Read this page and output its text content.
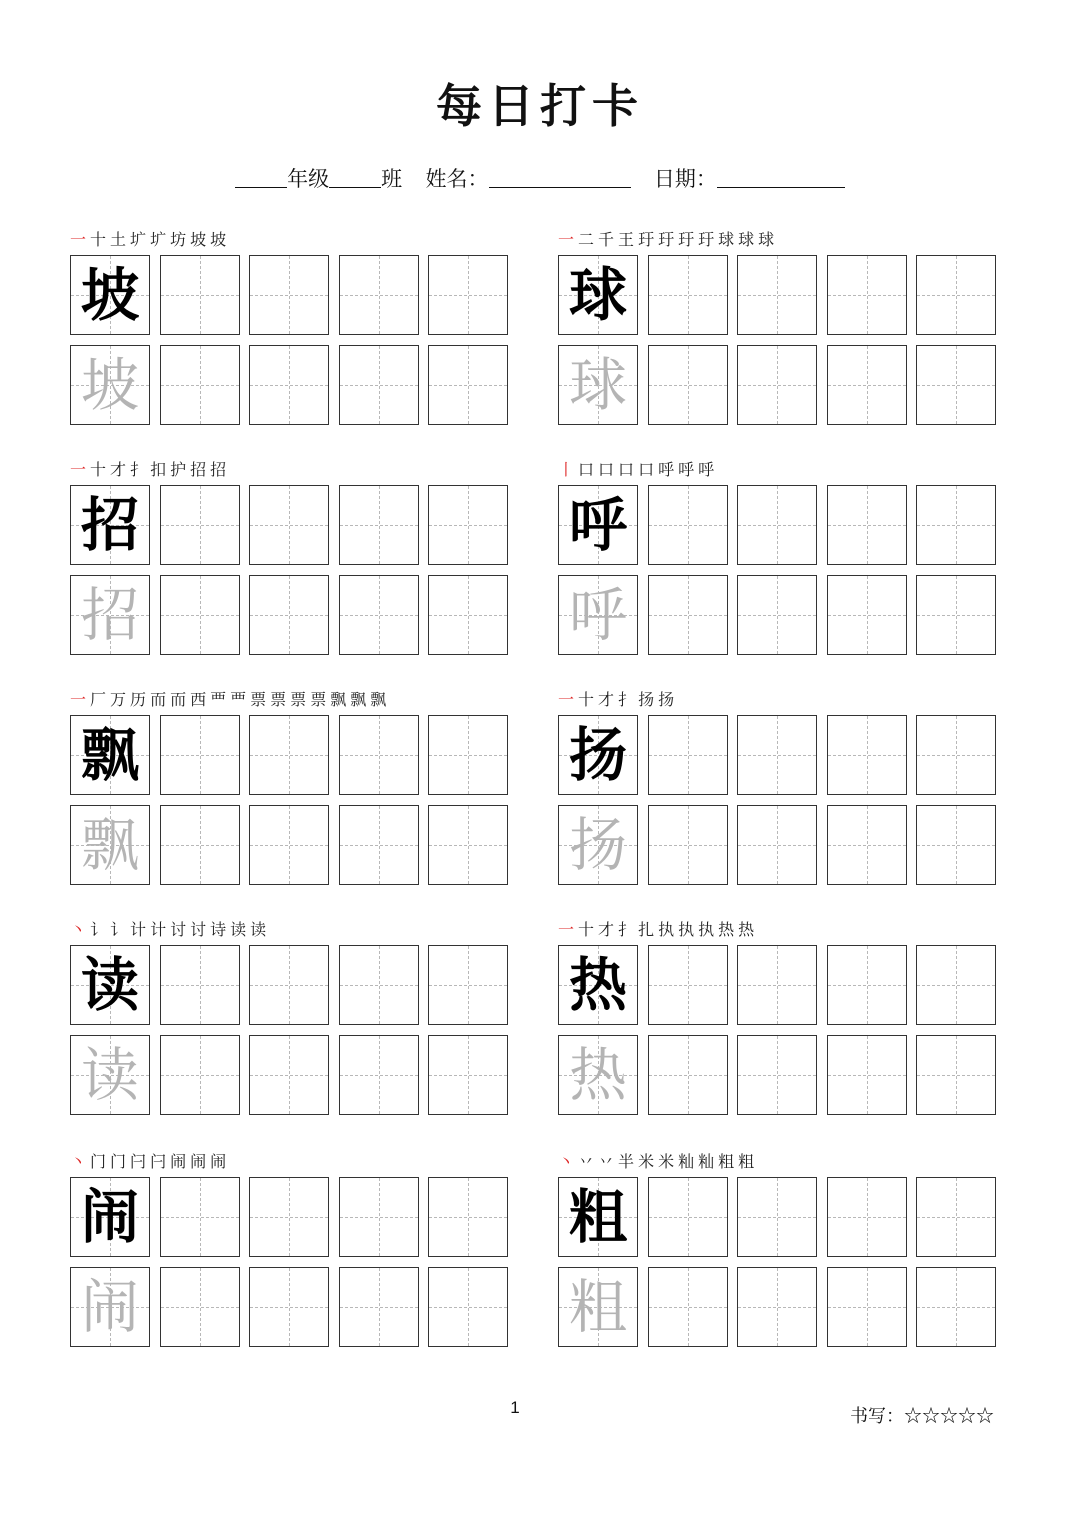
每日打卡
年级 班 姓名：	日期：
一 十 土 圹 圹 坊 坡 坡
坡
坡
一 二 千 王 玗 玗 玗 玗 球 球 球
球
球
一 十 才 扌 扣 护 招 招
招
招
丨 口 口 口 口 呼 呼 呼
呼
呼
一 厂 万 历 而 而 西 覀 覀 票 票 票 票 飘 飘 飘
飘
飘
一 十 才 扌 扬 扬
扬
扬
丶 讠 讠 计 计 讨 讨 诗 读 读
读
读
一 十 才 扌 扎 执 执 执 热 热
热
热
丶 门 门 闩 闩 闹 闹 闹
闹
闹
丶 丷 丷 半 米 米 籼 籼 粗 粗
粗
粗
1	书写：☆☆☆☆☆
